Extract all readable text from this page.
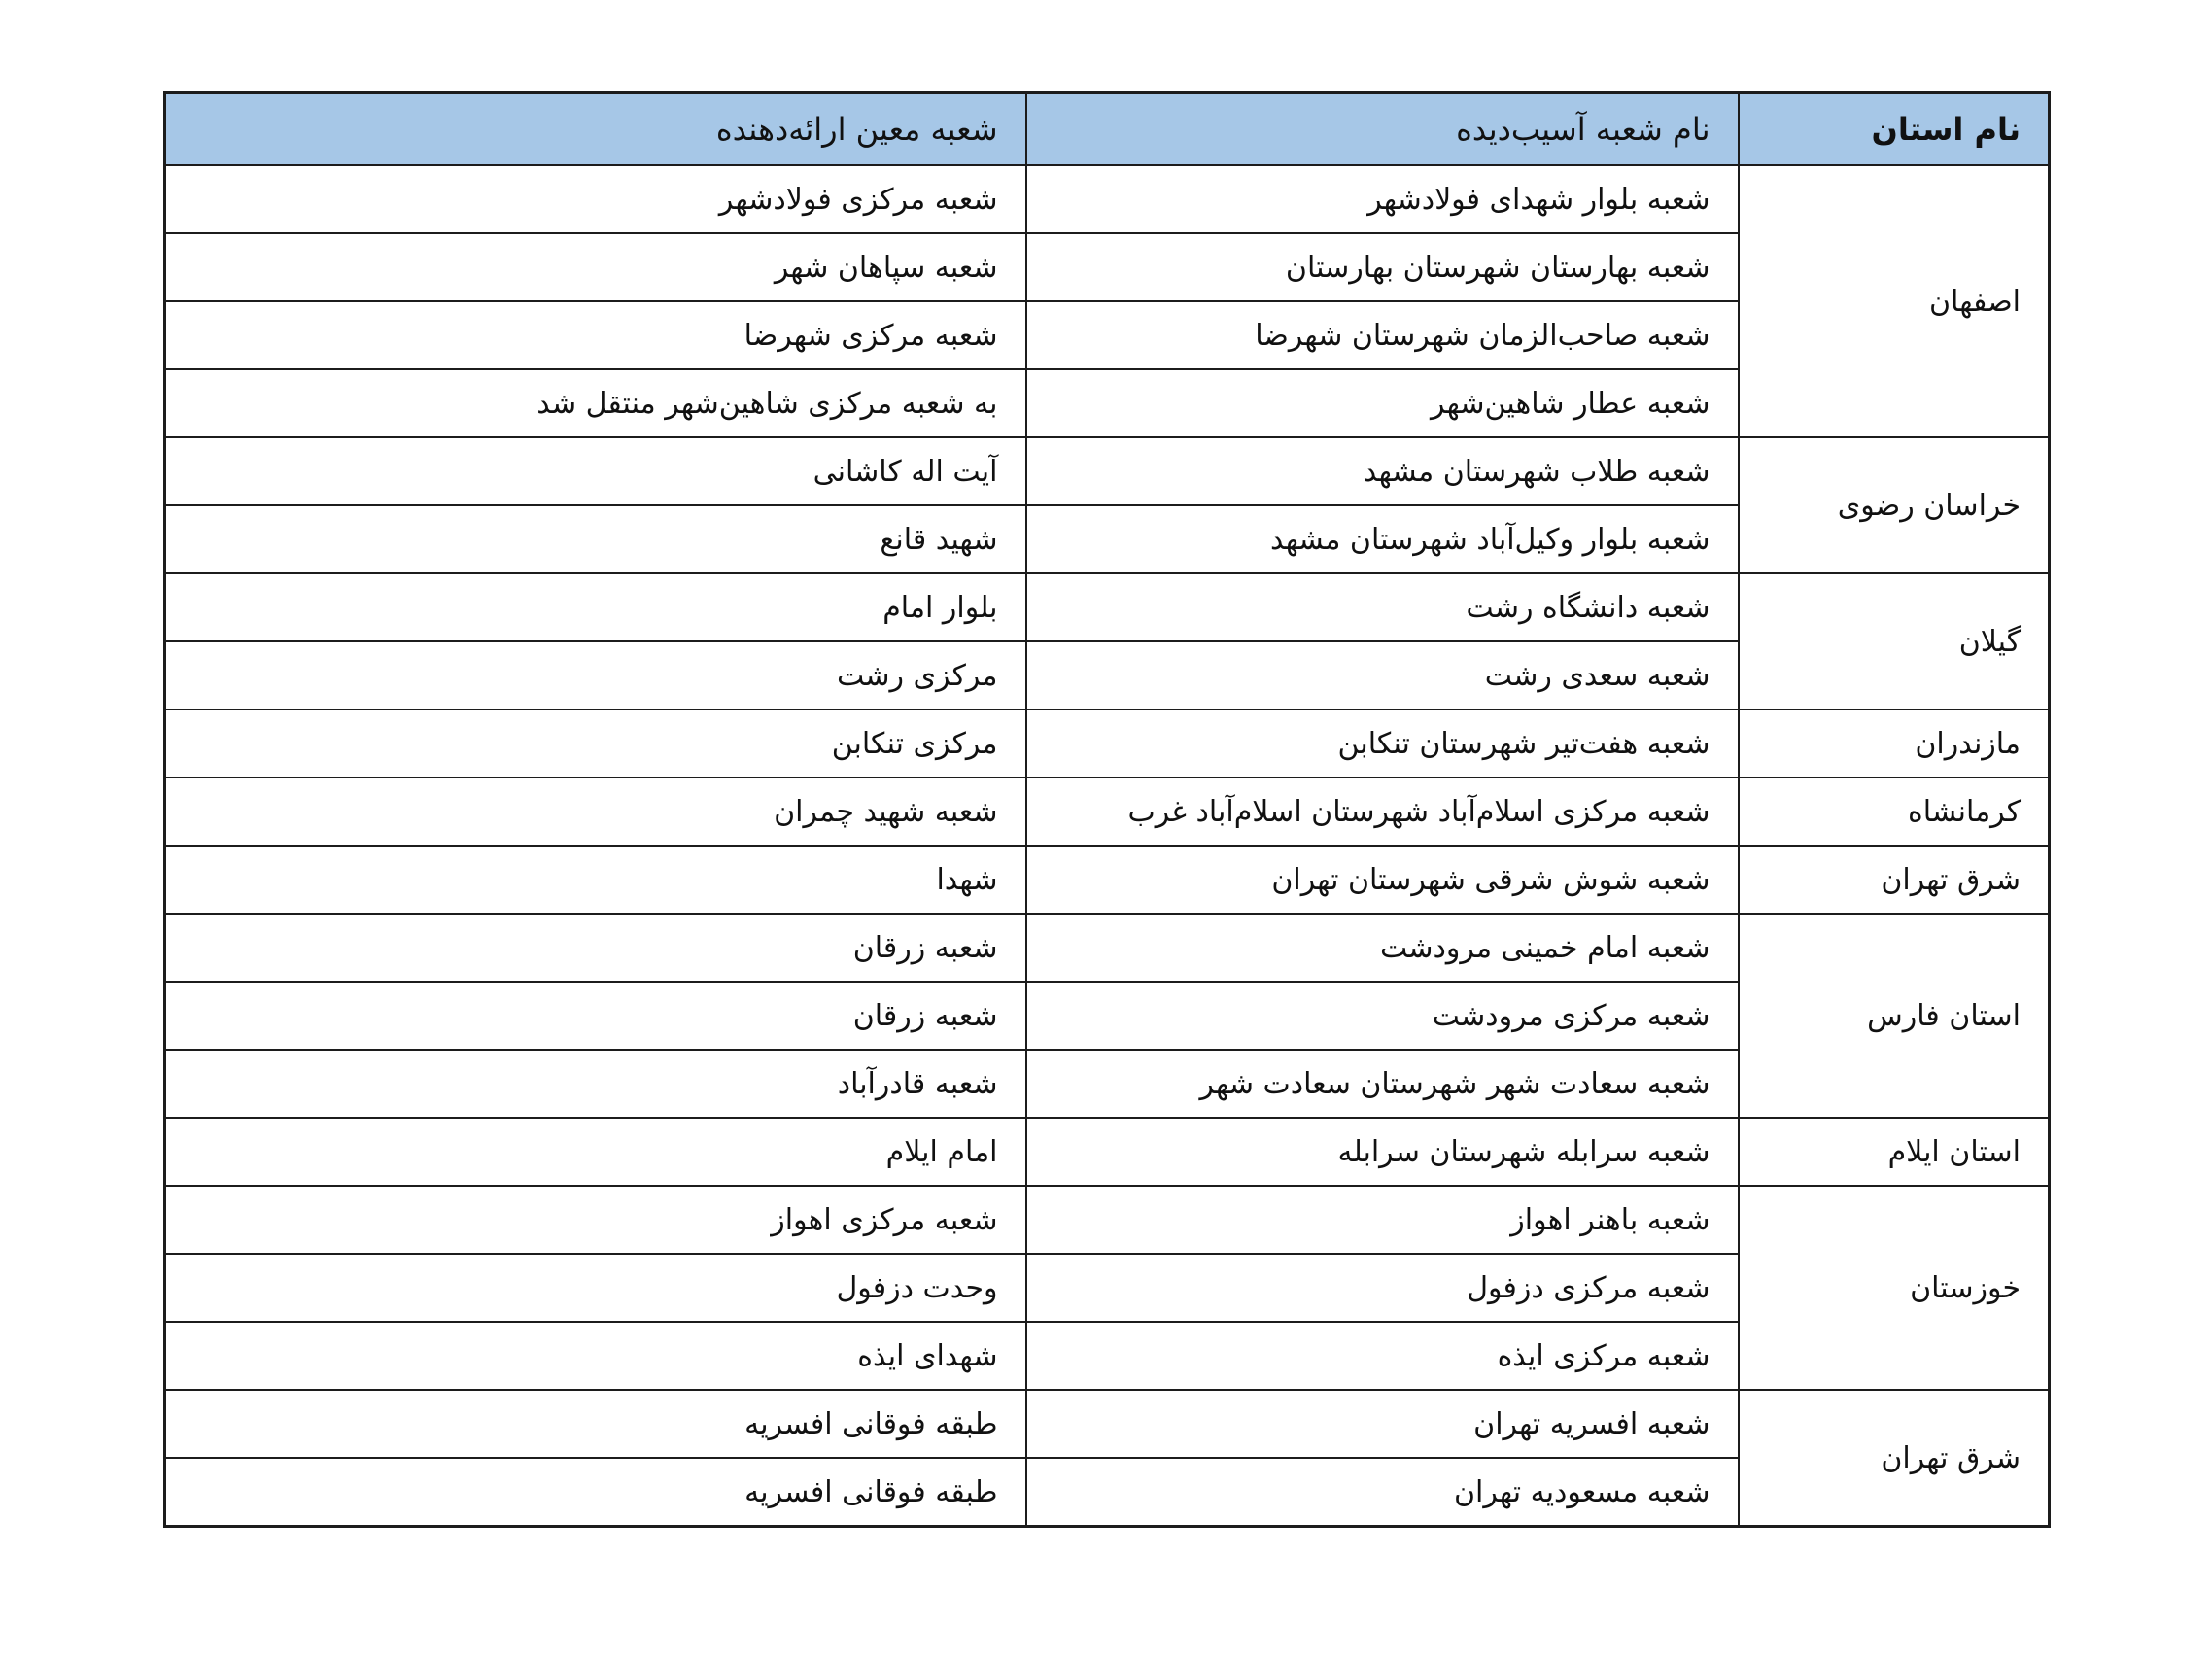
نام استان	نام شعبه آسیب‌دیده	شعبه معین ارائه‌دهنده
اصفهان	شعبه بلوار شهدای فولادشهر	شعبه مرکزی فولادشهر
	شعبه بهارستان شهرستان بهارستان	شعبه سپاهان شهر
	شعبه صاحب‌الزمان شهرستان شهرضا	شعبه مرکزی شهرضا
	شعبه عطار شاهین‌شهر	به شعبه مرکزی شاهین‌شهر منتقل شد
خراسان رضوی	شعبه طلاب شهرستان مشهد	آیت اله کاشانی
	شعبه بلوار وکیل‌آباد شهرستان مشهد	شهید قانع
گیلان	شعبه دانشگاه رشت	بلوار امام
	شعبه سعدی رشت	مرکزی رشت
مازندران	شعبه هفت‌تیر شهرستان تنکابن	مرکزی تنکابن
کرمانشاه	شعبه مرکزی اسلام‌آباد شهرستان اسلام‌آباد غرب	شعبه شهید چمران
شرق تهران	شعبه شوش شرقی شهرستان تهران	شهدا
استان فارس	شعبه امام خمینی مرودشت	شعبه زرقان
	شعبه مرکزی مرودشت	شعبه زرقان
	شعبه سعادت شهر شهرستان سعادت شهر	شعبه قادرآباد
استان ایلام	شعبه سرابله شهرستان سرابله	امام ایلام
خوزستان	شعبه باهنر اهواز	شعبه مرکزی اهواز
	شعبه مرکزی دزفول	وحدت دزفول
	شعبه مرکزی ایذه	شهدای ایذه
شرق تهران	شعبه افسریه تهران	طبقه فوقانی افسریه
	شعبه مسعودیه تهران	طبقه فوقانی افسریه
